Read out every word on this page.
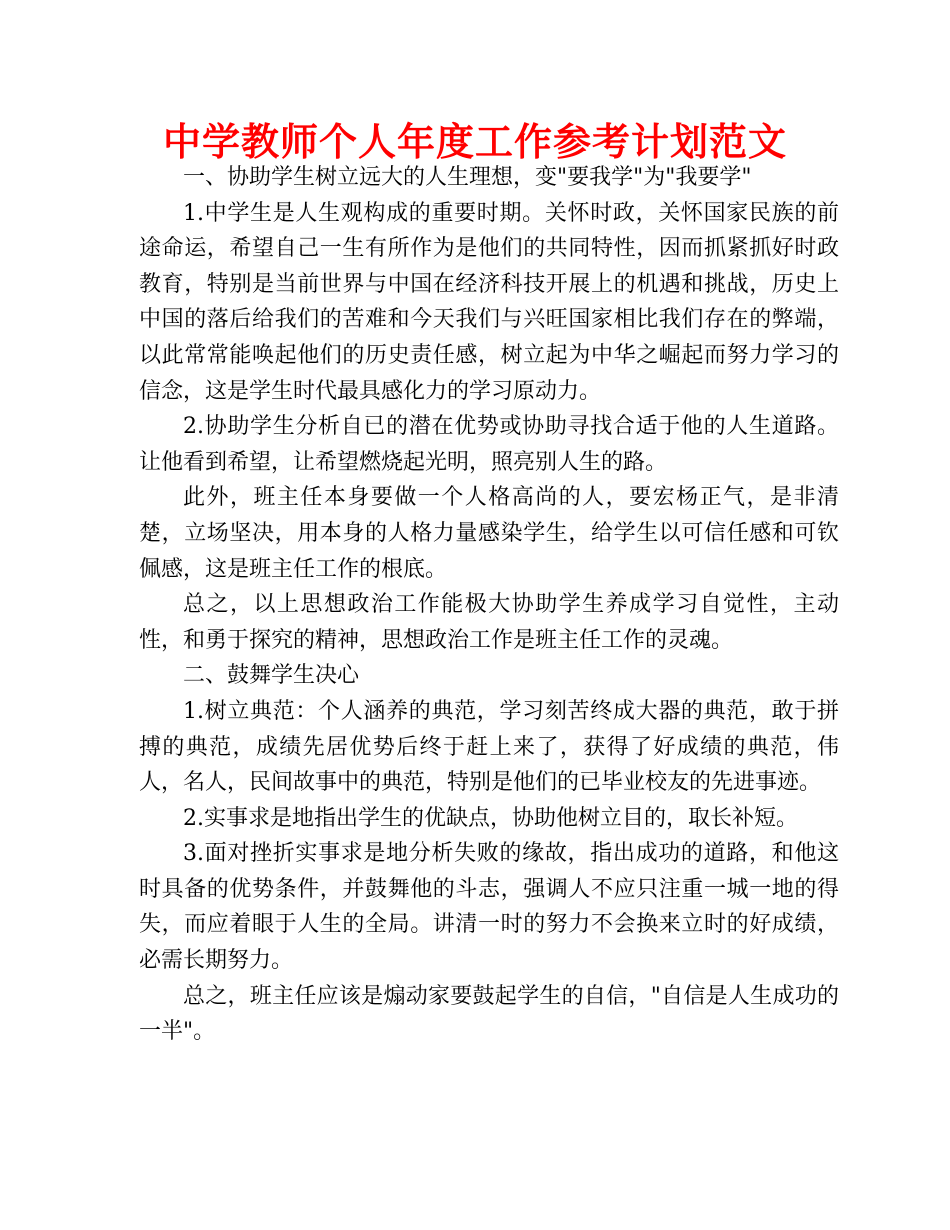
中学教师个人年度工作参考计划范文

一、协助学生树立远大的人生理想，变"要我学"为"我要学"

1.中学生是人生观构成的重要时期。关怀时政，关怀国家民族的前途命运，希望自己一生有所作为是他们的共同特性，因而抓紧抓好时政教育，特别是当前世界与中国在经济科技开展上的机遇和挑战，历史上中国的落后给我们的苦难和今天我们与兴旺国家相比我们存在的弊端，以此常常能唤起他们的历史责任感，树立起为中华之崛起而努力学习的信念，这是学生时代最具感化力的学习原动力。

2.协助学生分析自已的潜在优势或协助寻找合适于他的人生道路。让他看到希望，让希望燃烧起光明，照亮别人生的路。

此外，班主任本身要做一个人格高尚的人，要宏杨正气，是非清楚，立场坚决，用本身的人格力量感染学生，给学生以可信任感和可钦佩感，这是班主任工作的根底。

总之，以上思想政治工作能极大协助学生养成学习自觉性，主动性，和勇于探究的精神，思想政治工作是班主任工作的灵魂。

二、鼓舞学生决心

1.树立典范：个人涵养的典范，学习刻苦终成大器的典范，敢于拼搏的典范，成绩先居优势后终于赶上来了，获得了好成绩的典范，伟人，名人，民间故事中的典范，特别是他们的已毕业校友的先进事迹。

2.实事求是地指出学生的优缺点，协助他树立目的，取长补短。

3.面对挫折实事求是地分析失败的缘故，指出成功的道路，和他这时具备的优势条件，并鼓舞他的斗志，强调人不应只注重一城一地的得失，而应着眼于人生的全局。讲清一时的努力不会换来立时的好成绩，必需长期努力。

总之，班主任应该是煽动家要鼓起学生的自信，"自信是人生成功的一半"。
